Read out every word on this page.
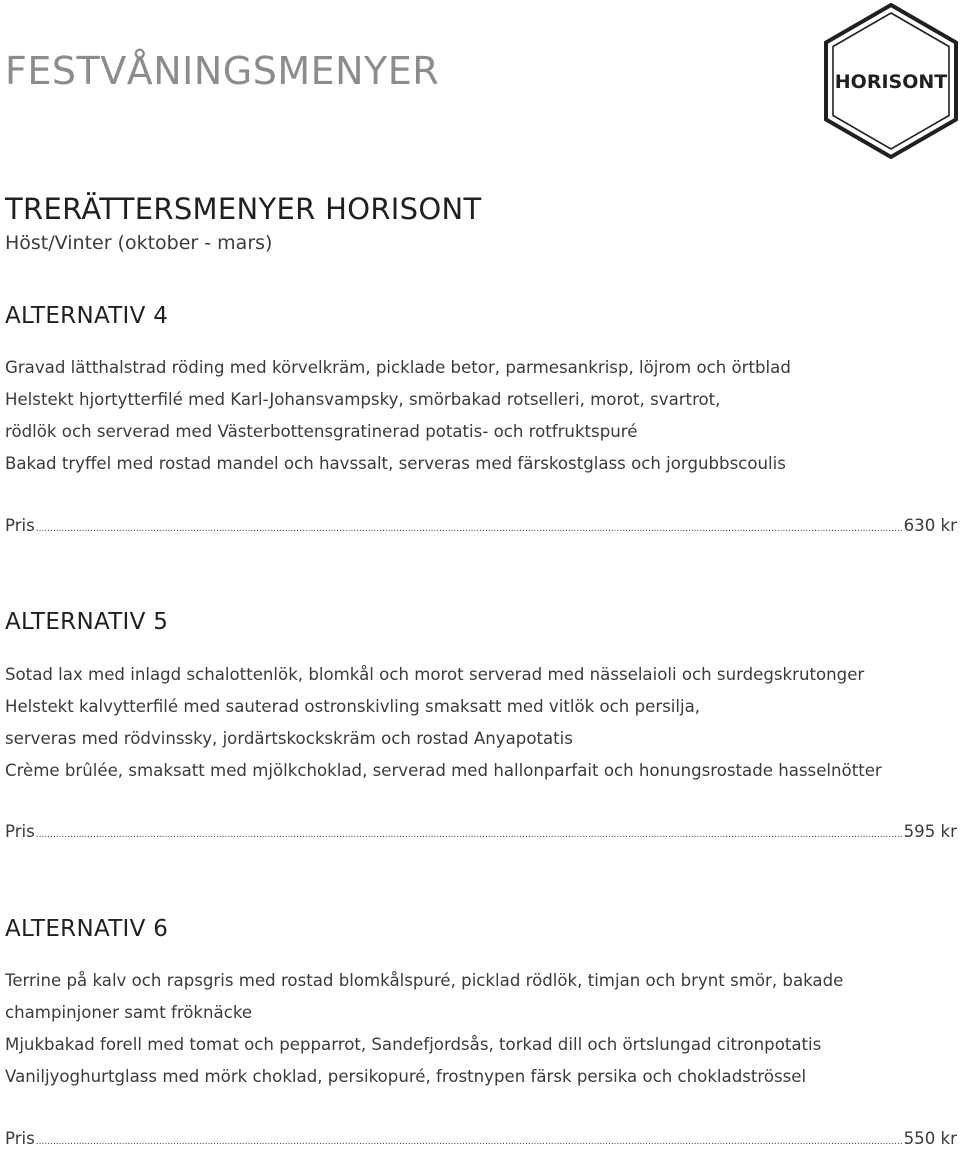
FESTVÅNINGSMENYER	HORISONT
TRERÄTTERSMENYER HORISONT
Höst/Vinter (oktober - mars)
ALTERNATIV 4
Gravad lätthalstrad röding med körvelkräm, picklade betor, parmesankrisp, löjrom och örtblad
Helstekt hjortytterfilé med Karl-Johansvampsky, smörbakad rotselleri, morot, svartrot,
rödlök och serverad med Västerbottensgratinerad potatis- och rotfruktspuré
Bakad tryffel med rostad mandel och havssalt, serveras med färskostglass och jorgubbscoulis
Pris .....	630 kr
ALTERNATIV 5
Sotad lax med inlagd schalottenlök, blomkål och morot serverad med nässelaioli och surdegskrutonger
Helstekt kalvytterfilé med sauterad ostronskivling smaksatt med vitlök och persilja,
serveras med rödvinssky, jordärtskockskräm och rostad Anyapotatis
Crème brûlée, smaksatt med mjölkchoklad, serverad med hallonparfait och honungsrostade hasselnötter
Pris .....	595 kr
ALTERNATIV 6
Terrine på kalv och rapsgris med rostad blomkålspuré, picklad rödlök, timjan och brynt smör, bakade
champinjoner samt fröknäcke
Mjukbakad forell med tomat och pepparrot, Sandefjordsås, torkad dill och örtslungad citronpotatis
Vaniljyoghurtglass med mörk choklad, persikopuré, frostnypen färsk persika och chokladströssel
Pris .....	550 kr
